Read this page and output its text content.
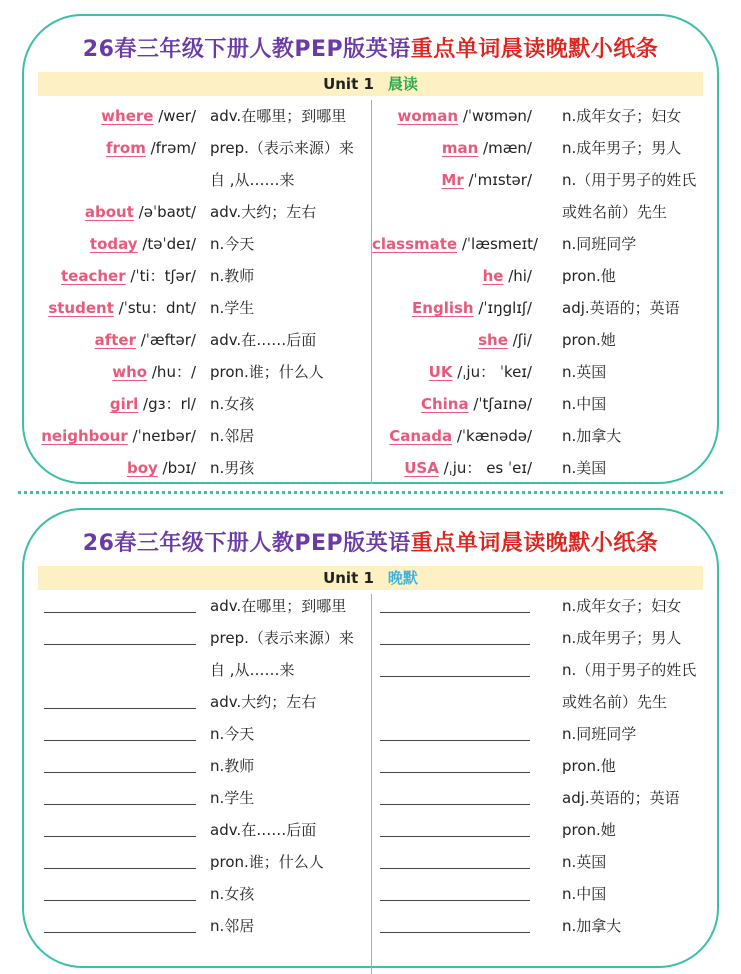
26春三年级下册人教PEP版英语重点单词晨读晚默小纸条
Unit 1 晨读
where /wer/ adv.在哪里；到哪里
from /frəm/ prep.（表示来源）来
自 ,从……来
about /əˈbaʊt/ adv.大约；左右
today /təˈdeɪ/ n.今天
teacher /ˈti：tʃər/ n.教师
student /ˈstu：dnt/ n.学生
after /ˈæftər/ adv.在……后面
who /hu：/ pron.谁；什么人
girl /gɜ：rl/ n.女孩
neighbour /ˈneɪbər/ n.邻居
boy /bɔɪ/ n.男孩
woman /ˈwʊmən/ n.成年女子；妇女
man /mæn/ n.成年男子；男人
Mr /ˈmɪstər/ n.（用于男子的姓氏
或姓名前）先生
classmate /ˈlæsmeɪt/ n.同班同学
he /hi/ pron.他
English /ˈɪŋglɪʃ/ adj.英语的；英语
she /ʃi/ pron.她
UK /ˌju： ˈkeɪ/ n.英国
China /ˈtʃaɪnə/ n.中国
Canada /ˈkænədə/ n.加拿大
USA /ˌju： es ˈeɪ/ n.美国
26春三年级下册人教PEP版英语重点单词晨读晚默小纸条
Unit 1 晚默
adv.在哪里；到哪里
prep.（表示来源）来
自 ,从……来
adv.大约；左右
n.今天
n.教师
n.学生
adv.在……后面
pron.谁；什么人
n.女孩
n.邻居
n.成年女子；妇女
n.成年男子；男人
n.（用于男子的姓氏
或姓名前）先生
n.同班同学
pron.他
adj.英语的；英语
pron.她
n.英国
n.中国
n.加拿大
